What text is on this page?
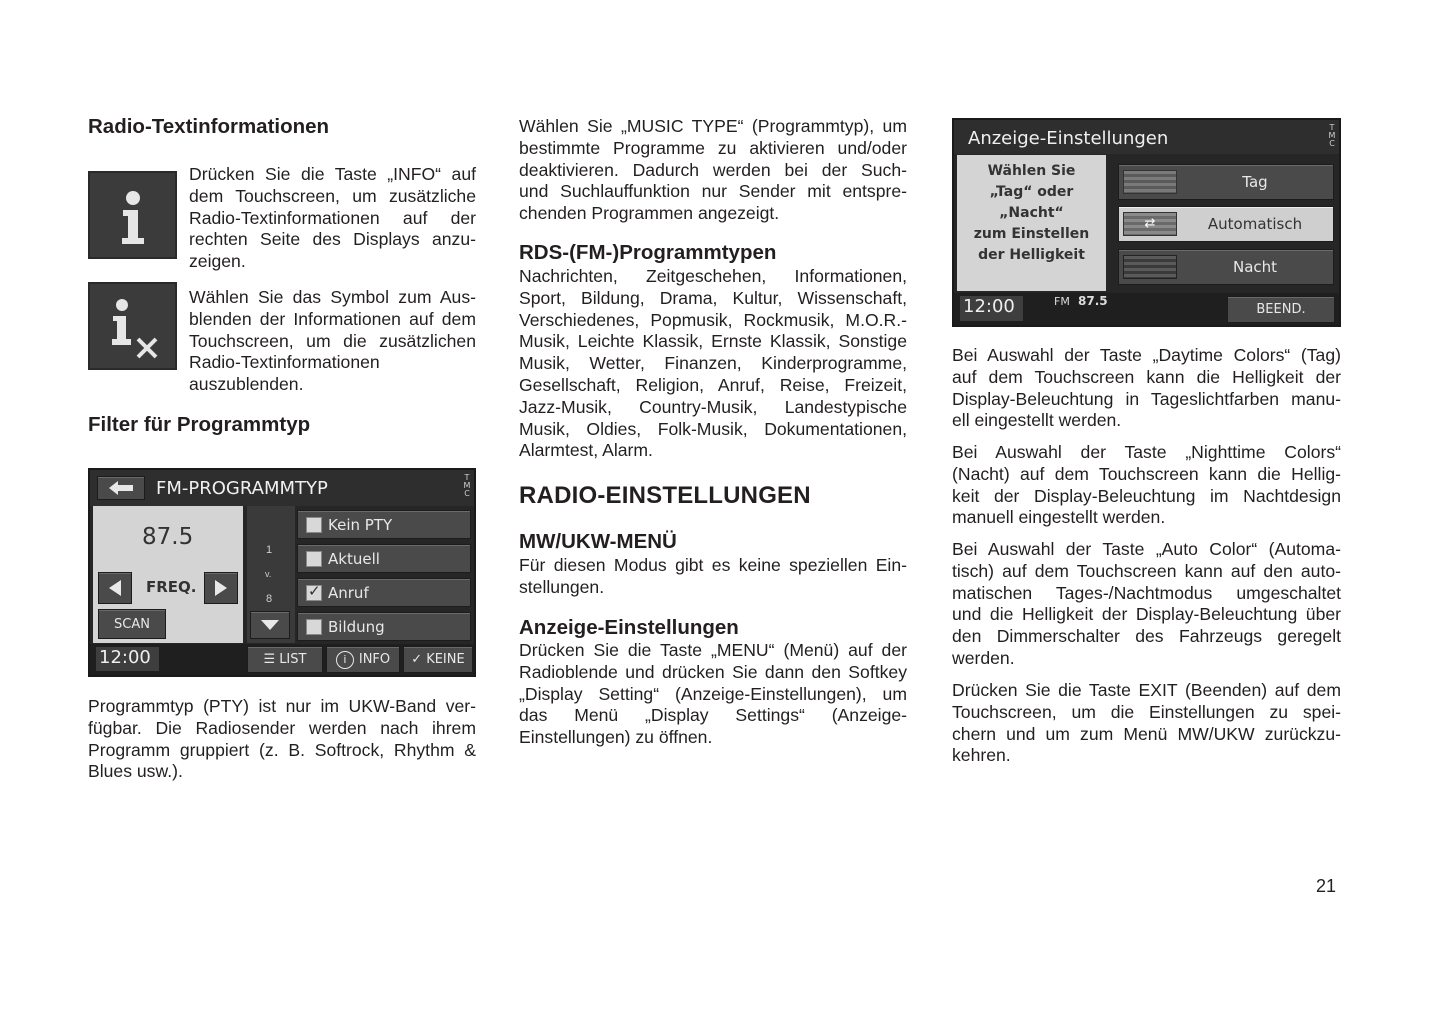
Radio-Textinformationen
Drücken Sie die Taste „INFO“ auf
dem Touchscreen, um zusätzliche
Radio-Textinformationen auf der
rechten Seite des Displays anzu-
zeigen.
Wählen Sie das Symbol zum Aus-
blenden der Informationen auf dem
Touchscreen, um die zusätzlichen
Radio-Textinformationen
auszublenden.
Filter für Programmtyp
FM-PROGRAMMTYP
T
M
C
87.5
FREQ.
SCAN
1
v.
8
Kein PTY
Aktuell
✓
Anruf
Bildung
12:00	☰ LIST	i INFO ✓ KEINE
Programmtyp (PTY) ist nur im UKW-Band ver-
fügbar. Die Radiosender werden nach ihrem
Programm gruppiert (z. B. Softrock, Rhythm &
Blues usw.).
Wählen Sie „MUSIC TYPE“ (Programmtyp), um
bestimmte Programme zu aktivieren und/oder
deaktivieren. Dadurch werden bei der Such-
und Suchlauffunktion nur Sender mit entspre-
chenden Programmen angezeigt.
RDS-(FM-)Programmtypen
Nachrichten, Zeitgeschehen, Informationen,
Sport, Bildung, Drama, Kultur, Wissenschaft,
Verschiedenes, Popmusik, Rockmusik, M.O.R.-
Musik, Leichte Klassik, Ernste Klassik, Sonstige
Musik, Wetter, Finanzen, Kinderprogramme,
Gesellschaft, Religion, Anruf, Reise, Freizeit,
Jazz-Musik, Country-Musik, Landestypische
Musik, Oldies, Folk-Musik, Dokumentationen,
Alarmtest, Alarm.
RADIO-EINSTELLUNGEN
MW/UKW-MENÜ
Für diesen Modus gibt es keine speziellen Ein-
stellungen.
Anzeige-Einstellungen
Drücken Sie die Taste „MENU“ (Menü) auf der
Radioblende und drücken Sie dann den Softkey
„Display Setting“ (Anzeige-Einstellungen), um
das Menü „Display Settings“ (Anzeige-
Einstellungen) zu öffnen.
Anzeige-Einstellungen
T
M
C
Wählen Sie
„Tag“ oder
„Nacht“
zum Einstellen
der Helligkeit
Tag
⇄	Automatisch
Nacht
12:00	FM 87.5
BEEND.
Bei Auswahl der Taste „Daytime Colors“ (Tag)
auf dem Touchscreen kann die Helligkeit der
Display-Beleuchtung in Tageslichtfarben manu-
ell eingestellt werden.
Bei Auswahl der Taste „Nighttime Colors“
(Nacht) auf dem Touchscreen kann die Hellig-
keit der Display-Beleuchtung im Nachtdesign
manuell eingestellt werden.
Bei Auswahl der Taste „Auto Color“ (Automa-
tisch) auf dem Touchscreen kann auf den auto-
matischen Tages-/Nachtmodus umgeschaltet
und die Helligkeit der Display-Beleuchtung über
den Dimmerschalter des Fahrzeugs geregelt
werden.
Drücken Sie die Taste EXIT (Beenden) auf dem
Touchscreen, um die Einstellungen zu spei-
chern und um zum Menü MW/UKW zurückzu-
kehren.
21
